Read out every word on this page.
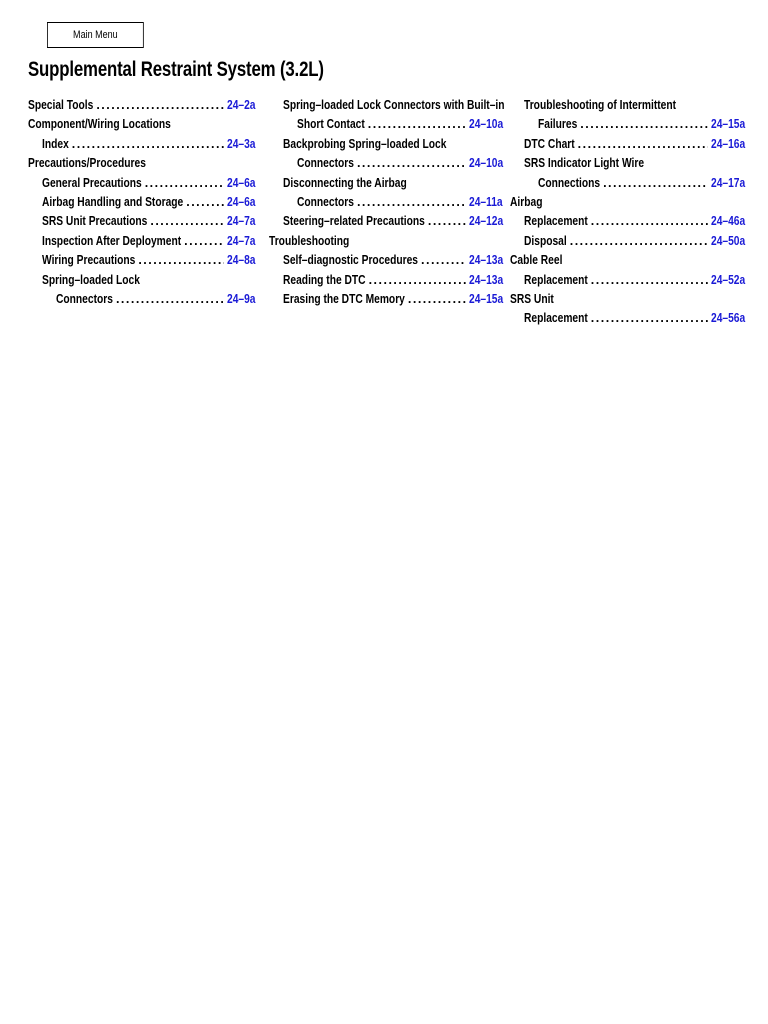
Main Menu
Supplemental Restraint System (3.2L)
Special Tools .....	24–2a
Component/Wiring Locations
Index .....	24–3a
Precautions/Procedures
General Precautions .....	24–6a
Airbag Handling and Storage .....	24–6a
SRS Unit Precautions .....	24–7a
Inspection After Deployment .....	24–7a
Wiring Precautions .....	24–8a
Spring–loaded Lock
Connectors .....	24–9a
Spring–loaded Lock Connectors with Built–in
Short Contact .....	24–10a
Backprobing Spring–loaded Lock
Connectors .....	24–10a
Disconnecting the Airbag
Connectors .....	24–11a
Steering–related Precautions .....	24–12a
Troubleshooting
Self–diagnostic Procedures .....	24–13a
Reading the DTC .....	24–13a
Erasing the DTC Memory .....	24–15a
Troubleshooting of Intermittent
Failures .....	24–15a
DTC Chart .....	24–16a
SRS Indicator Light Wire
Connections .....	24–17a
Airbag
Replacement .....	24–46a
Disposal .....	24–50a
Cable Reel
Replacement .....	24–52a
SRS Unit
Replacement .....	24–56a
